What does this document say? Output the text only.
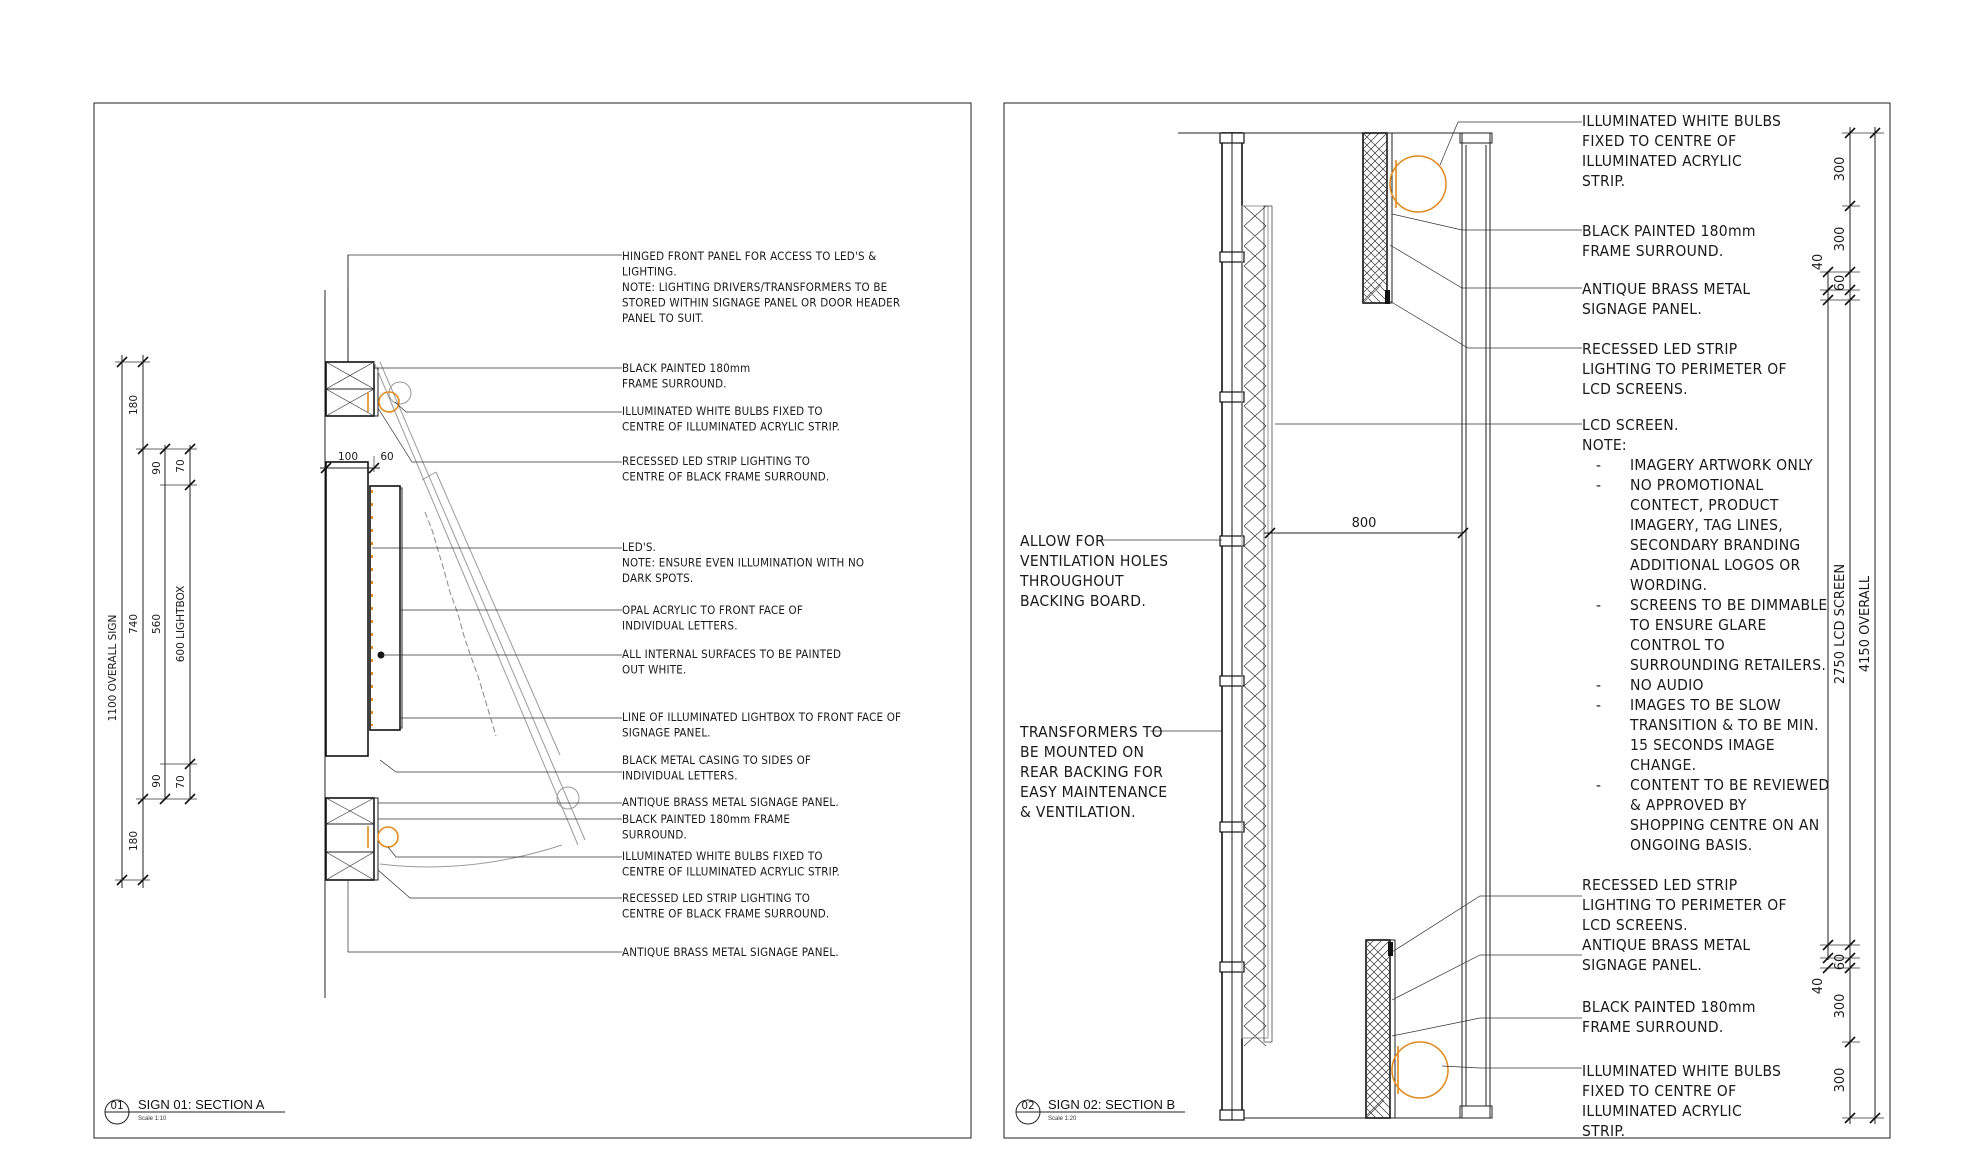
HINGED FRONT PANEL FOR ACCESS TO LED'S & LIGHTING. NOTE: LIGHTING DRIVERS/TRANSFORMERS TO BE STORED WITHIN SIGNAGE PANEL OR DOOR HEADER PANEL TO SUIT.
BLACK PAINTED 180mm FRAME SURROUND.
ILLUMINATED WHITE BULBS FIXED TO CENTRE OF ILLUMINATED ACRYLIC STRIP.
RECESSED LED STRIP LIGHTING TO CENTRE OF BLACK FRAME SURROUND.
LED'S. NOTE: ENSURE EVEN ILLUMINATION WITH NO DARK SPOTS.
OPAL ACRYLIC TO FRONT FACE OF INDIVIDUAL LETTERS.
ALL INTERNAL SURFACES TO BE PAINTED OUT WHITE.
LINE OF ILLUMINATED LIGHTBOX TO FRONT FACE OF SIGNAGE PANEL.
BLACK METAL CASING TO SIDES OF INDIVIDUAL LETTERS.
ANTIQUE BRASS METAL SIGNAGE PANEL.
BLACK PAINTED 180mm FRAME SURROUND.
ILLUMINATED WHITE BULBS FIXED TO CENTRE OF ILLUMINATED ACRYLIC STRIP.
RECESSED LED STRIP LIGHTING TO CENTRE OF BLACK FRAME SURROUND.
ANTIQUE BRASS METAL SIGNAGE PANEL.
1100 OVERALL SIGN
180
740
180
90
560
90
600 LIGHTBOX
70
70
100 60
01 SIGN 01: SECTION A
Scale 1:10
800
ILLUMINATED WHITE BULBS FIXED TO CENTRE OF ILLUMINATED ACRYLIC STRIP.
BLACK PAINTED 180mm FRAME SURROUND.
ANTIQUE BRASS METAL SIGNAGE PANEL.
RECESSED LED STRIP LIGHTING TO PERIMETER OF LCD SCREENS.
LCD SCREEN. NOTE:
- IMAGERY ARTWORK ONLY
- NO PROMOTIONAL CONTECT, PRODUCT IMAGERY, TAG LINES, SECONDARY BRANDING ADDITIONAL LOGOS OR WORDING.
- SCREENS TO BE DIMMABLE TO ENSURE GLARE CONTROL TO SURROUNDING RETAILERS.
- NO AUDIO
- IMAGES TO BE SLOW TRANSITION & TO BE MIN. 15 SECONDS IMAGE CHANGE.
- CONTENT TO BE REVIEWED & APPROVED BY SHOPPING CENTRE ON AN ONGOING BASIS.
RECESSED LED STRIP LIGHTING TO PERIMETER OF LCD SCREENS. ANTIQUE BRASS METAL SIGNAGE PANEL.
BLACK PAINTED 180mm FRAME SURROUND.
ILLUMINATED WHITE BULBS FIXED TO CENTRE OF ILLUMINATED ACRYLIC STRIP.
ALLOW FOR VENTILATION HOLES THROUGHOUT BACKING BOARD.
TRANSFORMERS TO BE MOUNTED ON REAR BACKING FOR EASY MAINTENANCE & VENTILATION.
300
300
40
60
2750 LCD SCREEN 4150 OVERALL
60
40
300
300
02 SIGN 02: SECTION B
Scale 1:20
